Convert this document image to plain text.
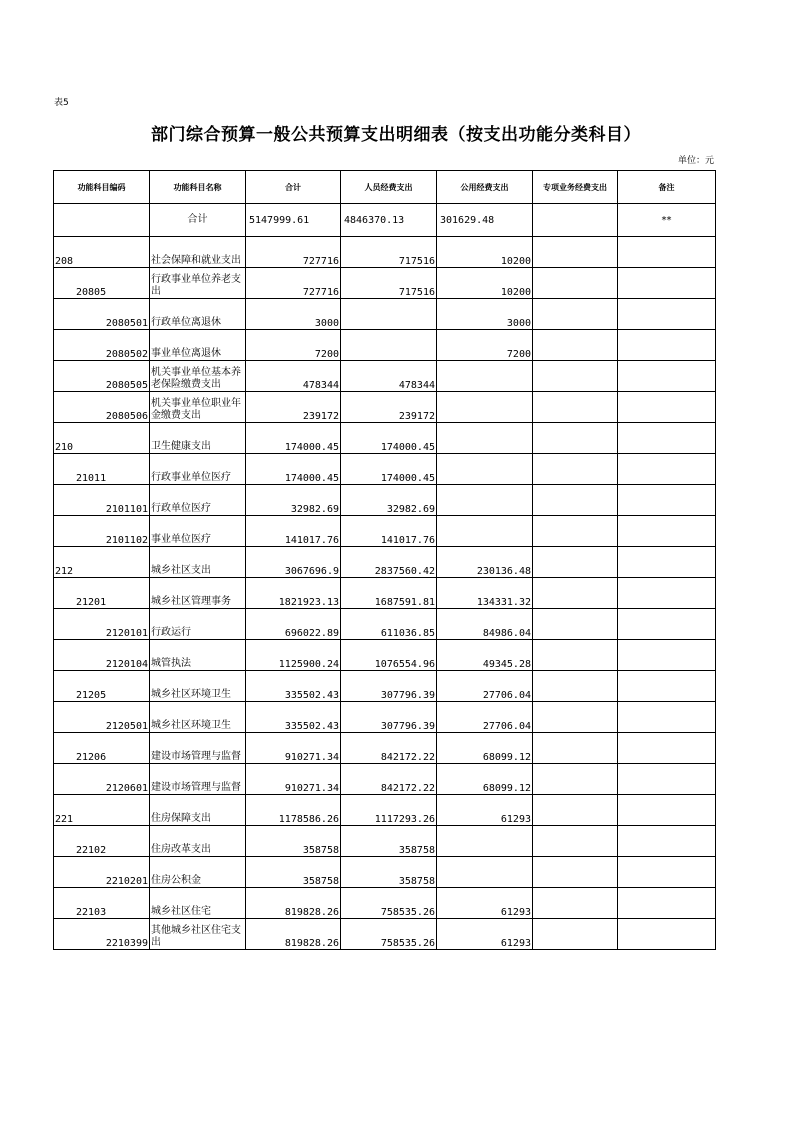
表5
部门综合预算一般公共预算支出明细表（按支出功能分类科目）
单位：元
功能科目编码	功能科目名称	合计	人员经费支出	公用经费支出	专项业务经费支出	备注
	合计	5147999.61	4846370.13	301629.48		**
208	社会保障和就业支出	727716	717516	10200		
20805	行政事业单位养老支出	727716	717516	10200		
2080501	行政单位离退休	3000		3000		
2080502	事业单位离退休	7200		7200		
2080505	机关事业单位基本养老保险缴费支出	478344	478344			
2080506	机关事业单位职业年金缴费支出	239172	239172			
210	卫生健康支出	174000.45	174000.45			
21011	行政事业单位医疗	174000.45	174000.45			
2101101	行政单位医疗	32982.69	32982.69			
2101102	事业单位医疗	141017.76	141017.76			
212	城乡社区支出	3067696.9	2837560.42	230136.48		
21201	城乡社区管理事务	1821923.13	1687591.81	134331.32		
2120101	行政运行	696022.89	611036.85	84986.04		
2120104	城管执法	1125900.24	1076554.96	49345.28		
21205	城乡社区环境卫生	335502.43	307796.39	27706.04		
2120501	城乡社区环境卫生	335502.43	307796.39	27706.04		
21206	建设市场管理与监督	910271.34	842172.22	68099.12		
2120601	建设市场管理与监督	910271.34	842172.22	68099.12		
221	住房保障支出	1178586.26	1117293.26	61293		
22102	住房改革支出	358758	358758			
2210201	住房公积金	358758	358758			
22103	城乡社区住宅	819828.26	758535.26	61293		
2210399	其他城乡社区住宅支出	819828.26	758535.26	61293		
